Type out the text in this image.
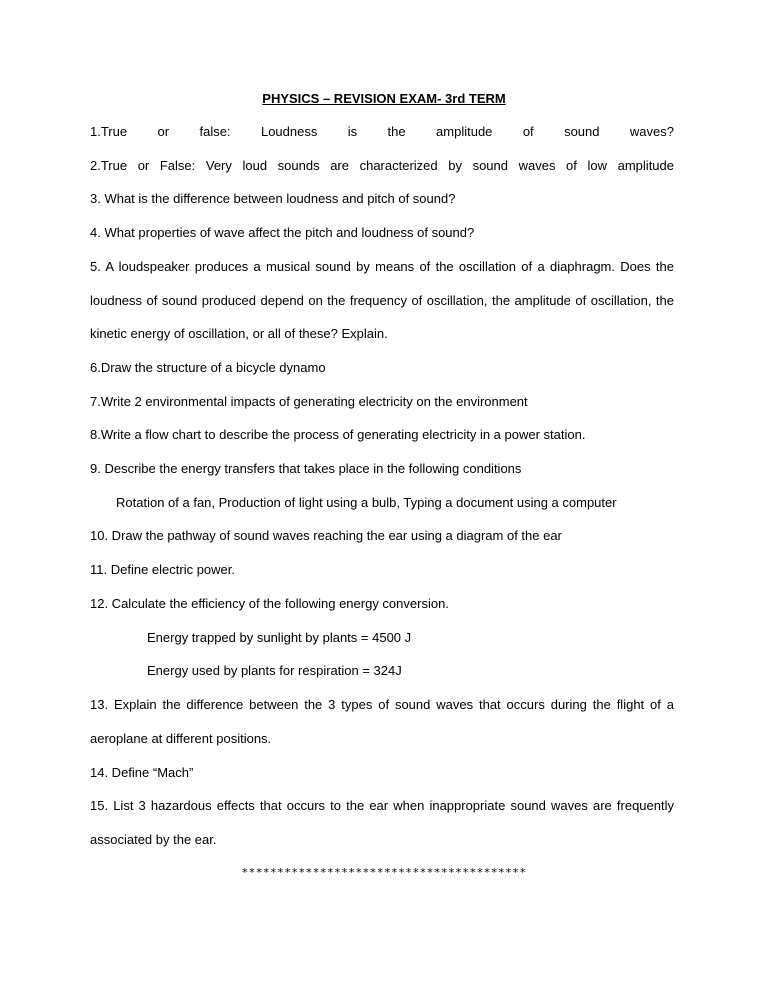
PHYSICS – REVISION EXAM- 3rd TERM
1.True or false: Loudness is the amplitude of sound waves?
2.True or False: Very loud sounds are characterized by sound waves of low amplitude
3. What is the difference between loudness and pitch of sound?
4. What properties of wave affect the pitch and loudness of sound?
5. A loudspeaker produces a musical sound by means of the oscillation of a diaphragm. Does the
loudness of sound produced depend on the frequency of oscillation, the amplitude of oscillation, the
kinetic energy of oscillation, or all of these? Explain.
6.Draw the structure of a bicycle dynamo
7.Write 2 environmental impacts of generating electricity on the environment
8.Write a flow chart to describe the process of generating electricity in a power station.
9. Describe the energy transfers that takes place in the following conditions
Rotation of a fan, Production of light using a bulb, Typing a document using a computer
10. Draw the pathway of sound waves reaching the ear using a diagram of the ear
11. Define electric power.
12. Calculate the efficiency of the following energy conversion.
Energy trapped by sunlight by plants = 4500 J
Energy used by plants for respiration = 324J
13. Explain the difference between the 3 types of sound waves that occurs during the flight of a
aeroplane at different positions.
14. Define “Mach”
15. List 3 hazardous effects that occurs to the ear when inappropriate sound waves are frequently
associated by the ear.
****************************************
